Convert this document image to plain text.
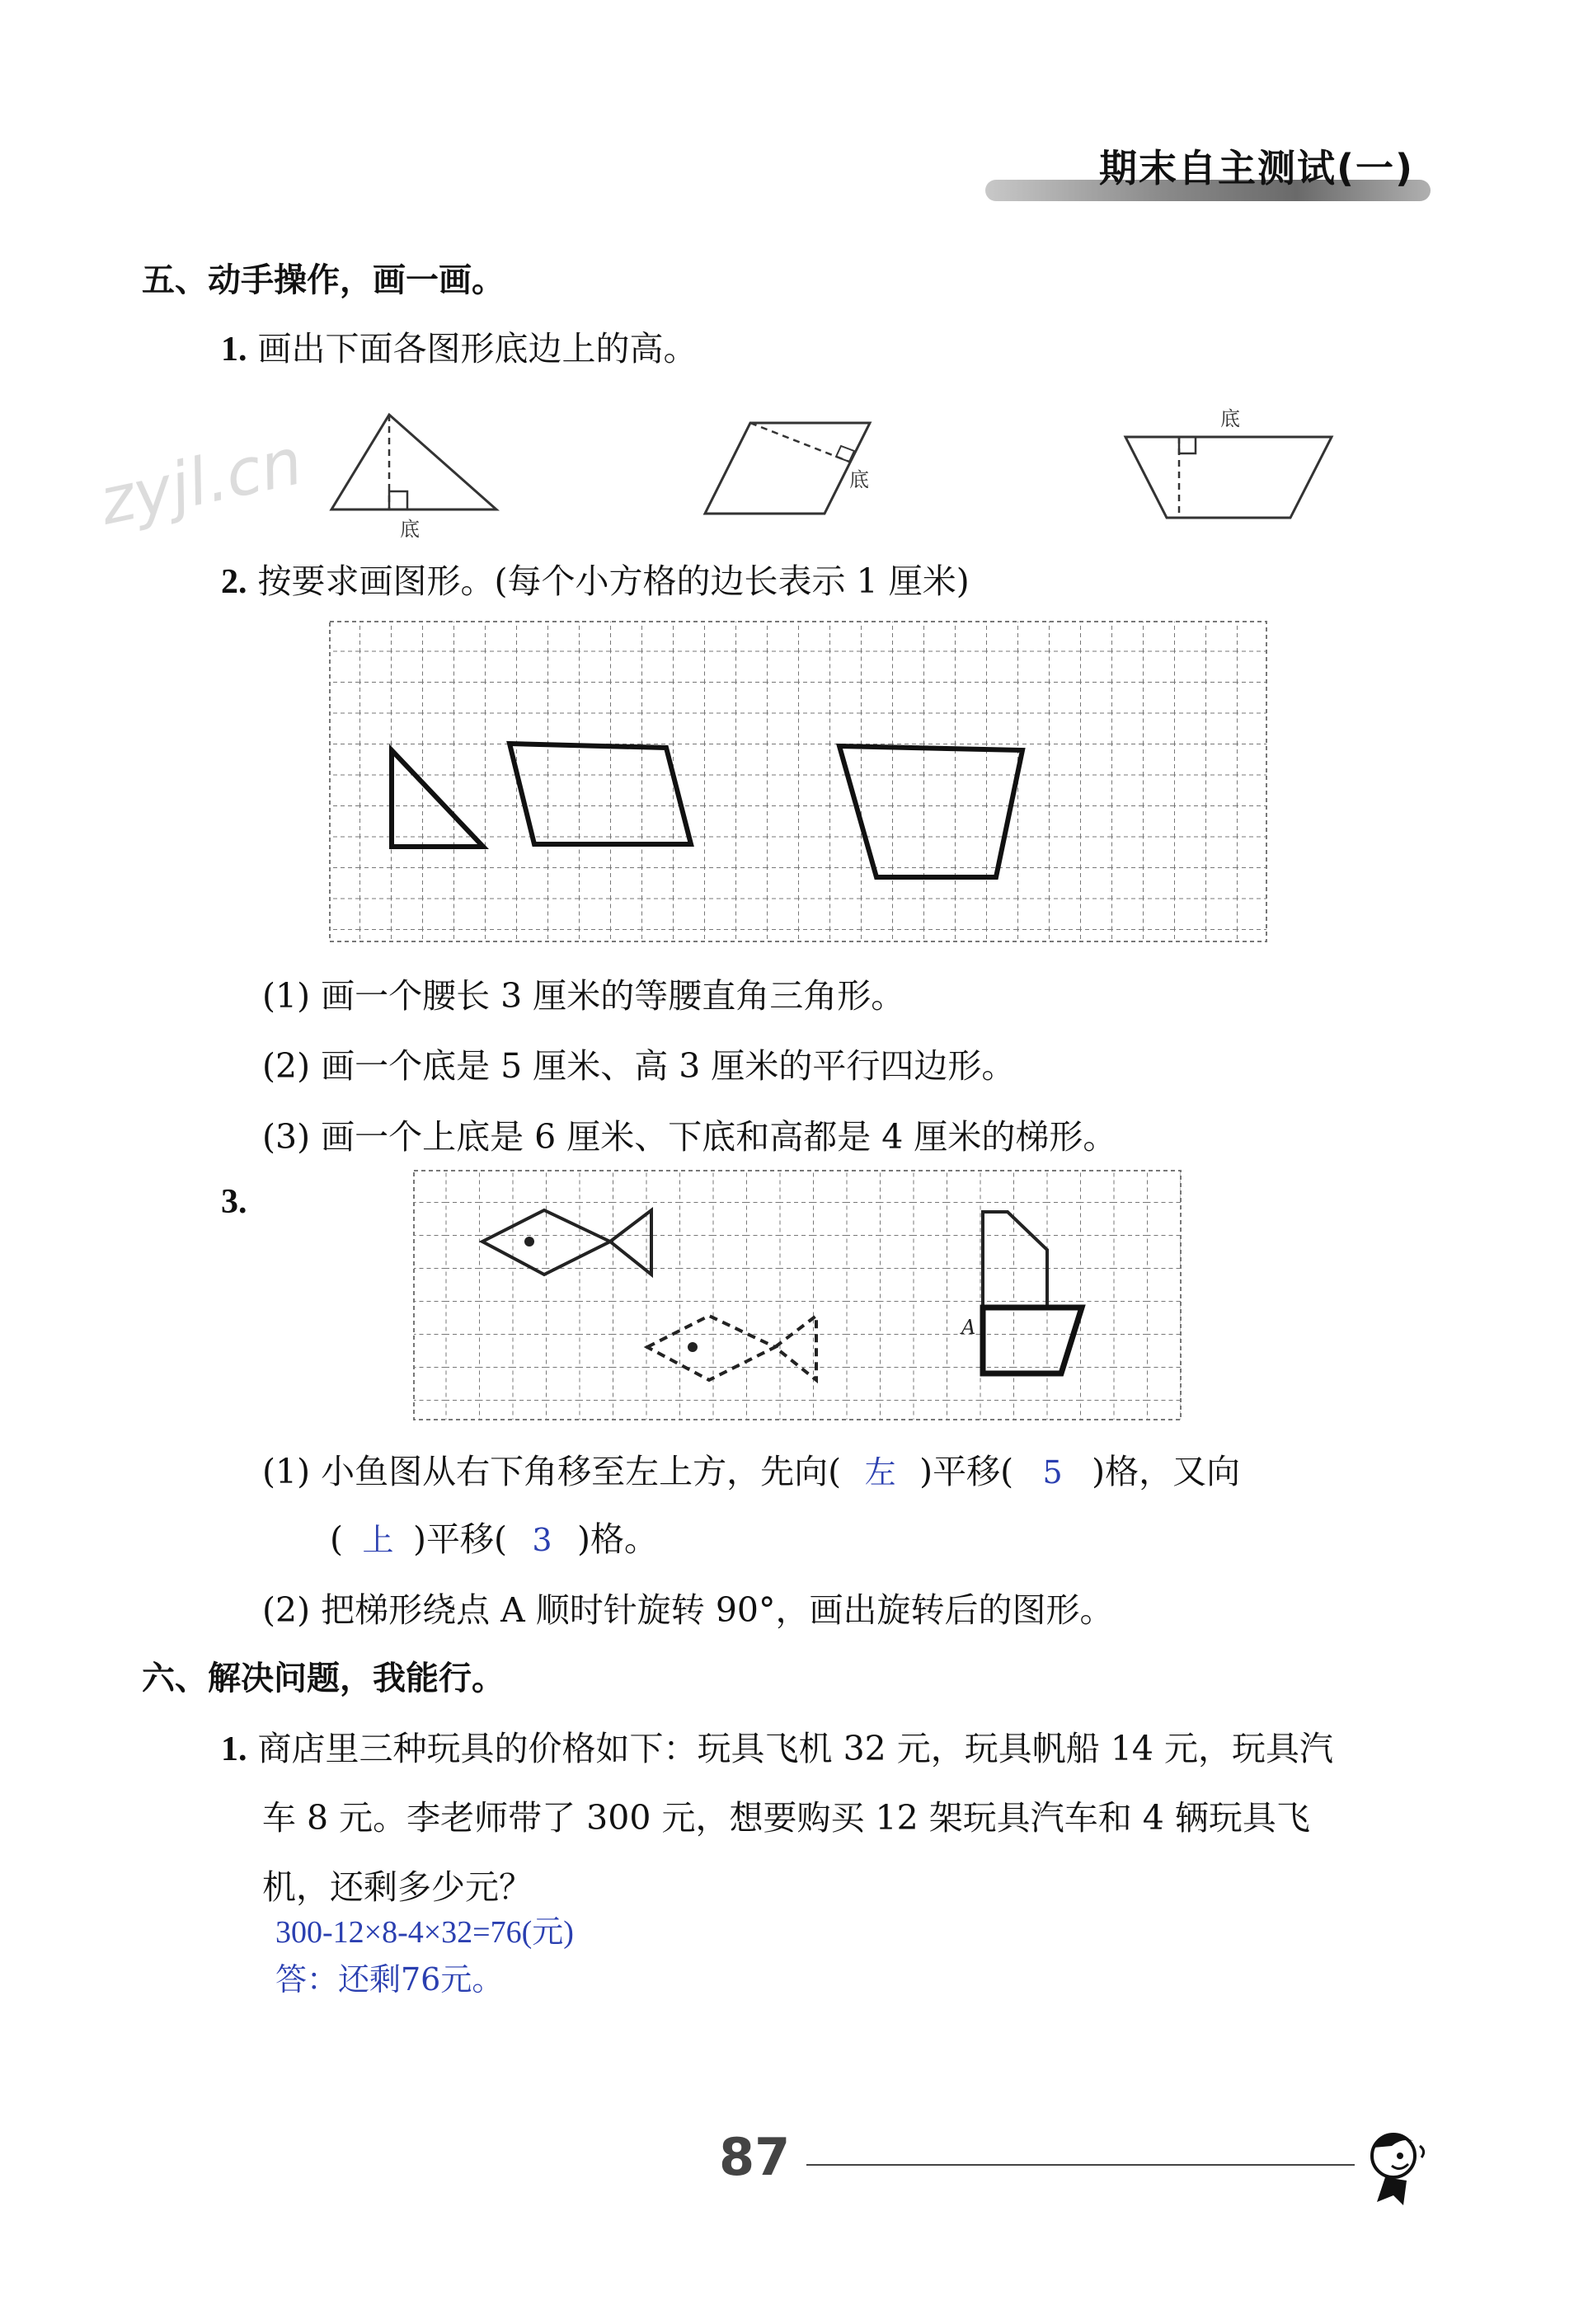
期末自主测试(一)
zyjl.cn
五、动手操作，画一画。
1. 画出下面各图形底边上的高。
底
底
底
2. 按要求画图形。(每个小方格的边长表示 1 厘米)
(1) 画一个腰长 3 厘米的等腰直角三角形。
(2) 画一个底是 5 厘米、高 3 厘米的平行四边形。
(3) 画一个上底是 6 厘米、下底和高都是 4 厘米的梯形。
3.
A
(1) 小鱼图从右下角移至左上方，先向( 左 )平移( 5 )格，又向
( 上 )平移( 3 )格。
(2) 把梯形绕点 A 顺时针旋转 90°，画出旋转后的图形。
六、解决问题，我能行。
1. 商店里三种玩具的价格如下：玩具飞机 32 元，玩具帆船 14 元，玩具汽
车 8 元。李老师带了 300 元，想要购买 12 架玩具汽车和 4 辆玩具飞
机，还剩多少元？
300-12×8-4×32=76(元)
答：还剩76元。
87
